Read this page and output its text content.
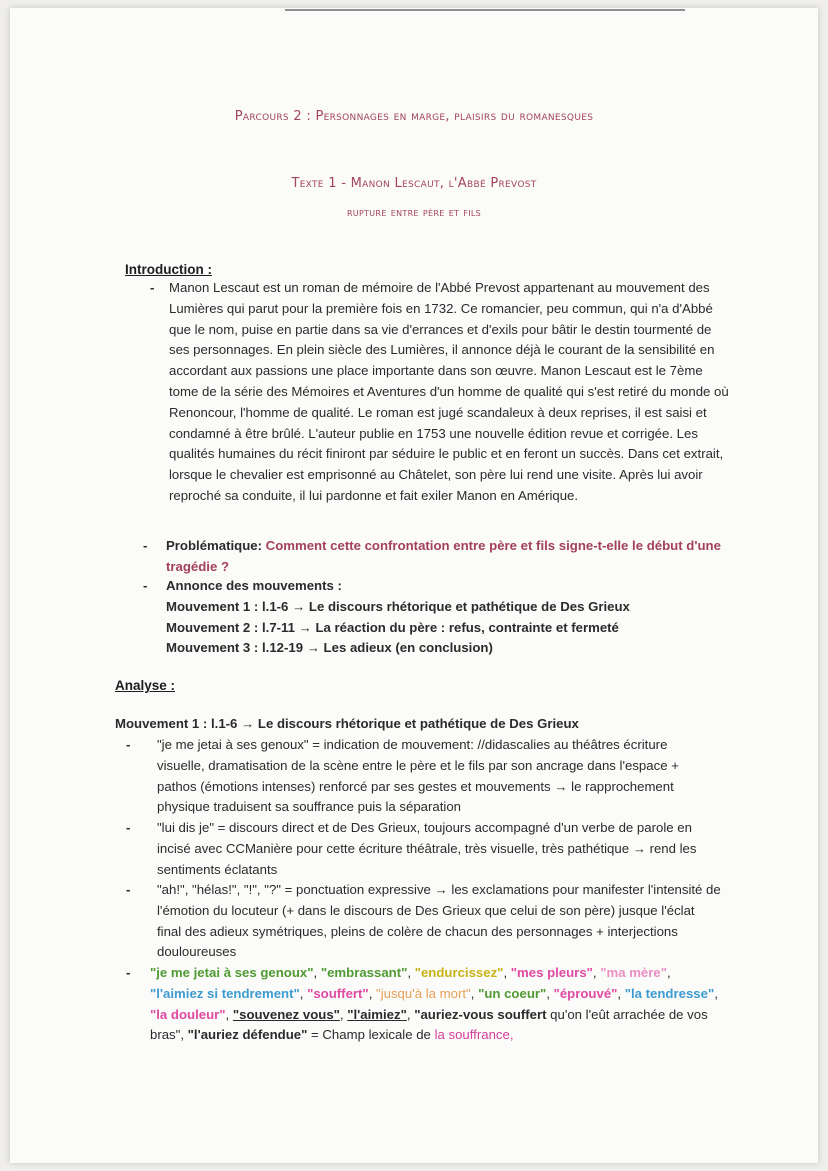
Parcours 2 : Personnages en marge, plaisirs du romanesques
Texte 1 - Manon Lescaut, l'Abbé Prevost
rupture entre père et fils
Introduction :
- Manon Lescaut est un roman de mémoire de l'Abbé Prevost appartenant au mouvement des Lumières qui parut pour la première fois en 1732. Ce romancier, peu commun, qui n'a d'Abbé que le nom, puise en partie dans sa vie d'errances et d'exils pour bâtir le destin tourmenté de ses personnages. En plein siècle des Lumières, il annonce déjà le courant de la sensibilité en accordant aux passions une place importante dans son œuvre. Manon Lescaut est le 7ème tome de la série des Mémoires et Aventures d'un homme de qualité qui s'est retiré du monde où Renoncour, l'homme de qualité. Le roman est jugé scandaleux à deux reprises, il est saisi et condamné à être brûlé. L'auteur publie en 1753 une nouvelle édition revue et corrigée. Les qualités humaines du récit finiront par séduire le public et en feront un succès. Dans cet extrait, lorsque le chevalier est emprisonné au Châtelet, son père lui rend une visite. Après lui avoir reproché sa conduite, il lui pardonne et fait exiler Manon en Amérique.
- Problématique: Comment cette confrontation entre père et fils signe-t-elle le début d'une tragédie ?
- Annonce des mouvements :
Mouvement 1 : l.1-6 → Le discours rhétorique et pathétique de Des Grieux
Mouvement 2 : l.7-11 → La réaction du père : refus, contrainte et fermeté
Mouvement 3 : l.12-19 → Les adieux (en conclusion)
Analyse :
Mouvement 1 : l.1-6 → Le discours rhétorique et pathétique de Des Grieux
- "je me jetai à ses genoux" = indication de mouvement: //didascalies au théâtres écriture visuelle, dramatisation de la scène entre le père et le fils par son ancrage dans l'espace + pathos (émotions intenses) renforcé par ses gestes et mouvements → le rapprochement physique traduisent sa souffrance puis la séparation
- "lui dis je" = discours direct et de Des Grieux, toujours accompagné d'un verbe de parole en incisé avec CCManière pour cette écriture théâtrale, très visuelle, très pathétique → rend les sentiments éclatants
- "ah!", "hélas!", "!", "?" = ponctuation expressive → les exclamations pour manifester l'intensité de l'émotion du locuteur (+ dans le discours de Des Grieux que celui de son père) jusque l'éclat final des adieux symétriques, pleins de colère de chacun des personnages + interjections douloureuses
- "je me jetai à ses genoux", "embrassant", "endurcissez", "mes pleurs", "ma mère", "l'aimiez si tendrement", "souffert", "jusqu'à la mort", "un coeur", "éprouvé", "la tendresse", "la douleur", "souvenez vous", "l'aimiez", "auriez-vous souffert qu'on l'eût arrachée de vos bras", "l'auriez défendue" = Champ lexicale de la souffrance,
